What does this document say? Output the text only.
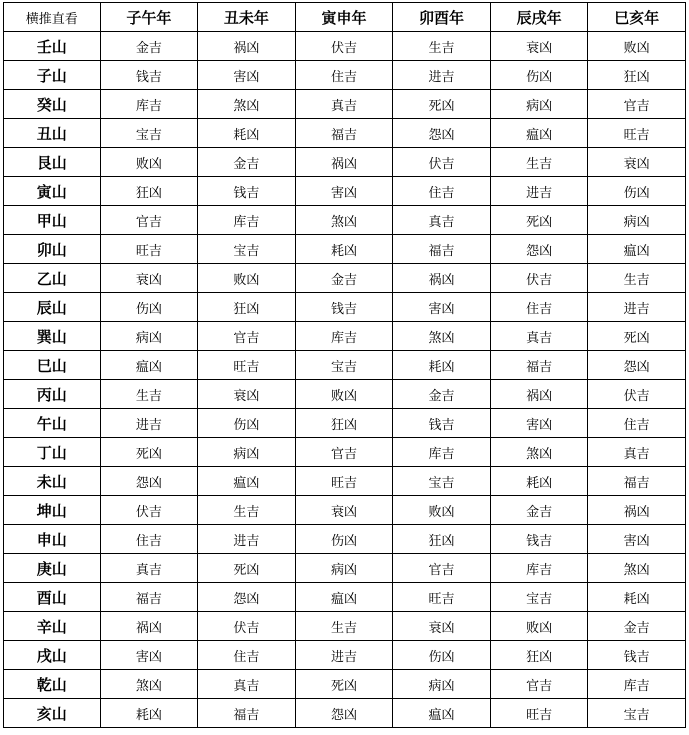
横推直看	子午年	丑未年	寅申年	卯酉年	辰戌年	巳亥年
壬山	金吉	祸凶	伏吉	生吉	衰凶	败凶
子山	钱吉	害凶	住吉	进吉	伤凶	狂凶
癸山	库吉	煞凶	真吉	死凶	病凶	官吉
丑山	宝吉	耗凶	福吉	怨凶	瘟凶	旺吉
艮山	败凶	金吉	祸凶	伏吉	生吉	衰凶
寅山	狂凶	钱吉	害凶	住吉	进吉	伤凶
甲山	官吉	库吉	煞凶	真吉	死凶	病凶
卯山	旺吉	宝吉	耗凶	福吉	怨凶	瘟凶
乙山	衰凶	败凶	金吉	祸凶	伏吉	生吉
辰山	伤凶	狂凶	钱吉	害凶	住吉	进吉
巽山	病凶	官吉	库吉	煞凶	真吉	死凶
巳山	瘟凶	旺吉	宝吉	耗凶	福吉	怨凶
丙山	生吉	衰凶	败凶	金吉	祸凶	伏吉
午山	进吉	伤凶	狂凶	钱吉	害凶	住吉
丁山	死凶	病凶	官吉	库吉	煞凶	真吉
未山	怨凶	瘟凶	旺吉	宝吉	耗凶	福吉
坤山	伏吉	生吉	衰凶	败凶	金吉	祸凶
申山	住吉	进吉	伤凶	狂凶	钱吉	害凶
庚山	真吉	死凶	病凶	官吉	库吉	煞凶
酉山	福吉	怨凶	瘟凶	旺吉	宝吉	耗凶
辛山	祸凶	伏吉	生吉	衰凶	败凶	金吉
戌山	害凶	住吉	进吉	伤凶	狂凶	钱吉
乾山	煞凶	真吉	死凶	病凶	官吉	库吉
亥山	耗凶	福吉	怨凶	瘟凶	旺吉	宝吉
